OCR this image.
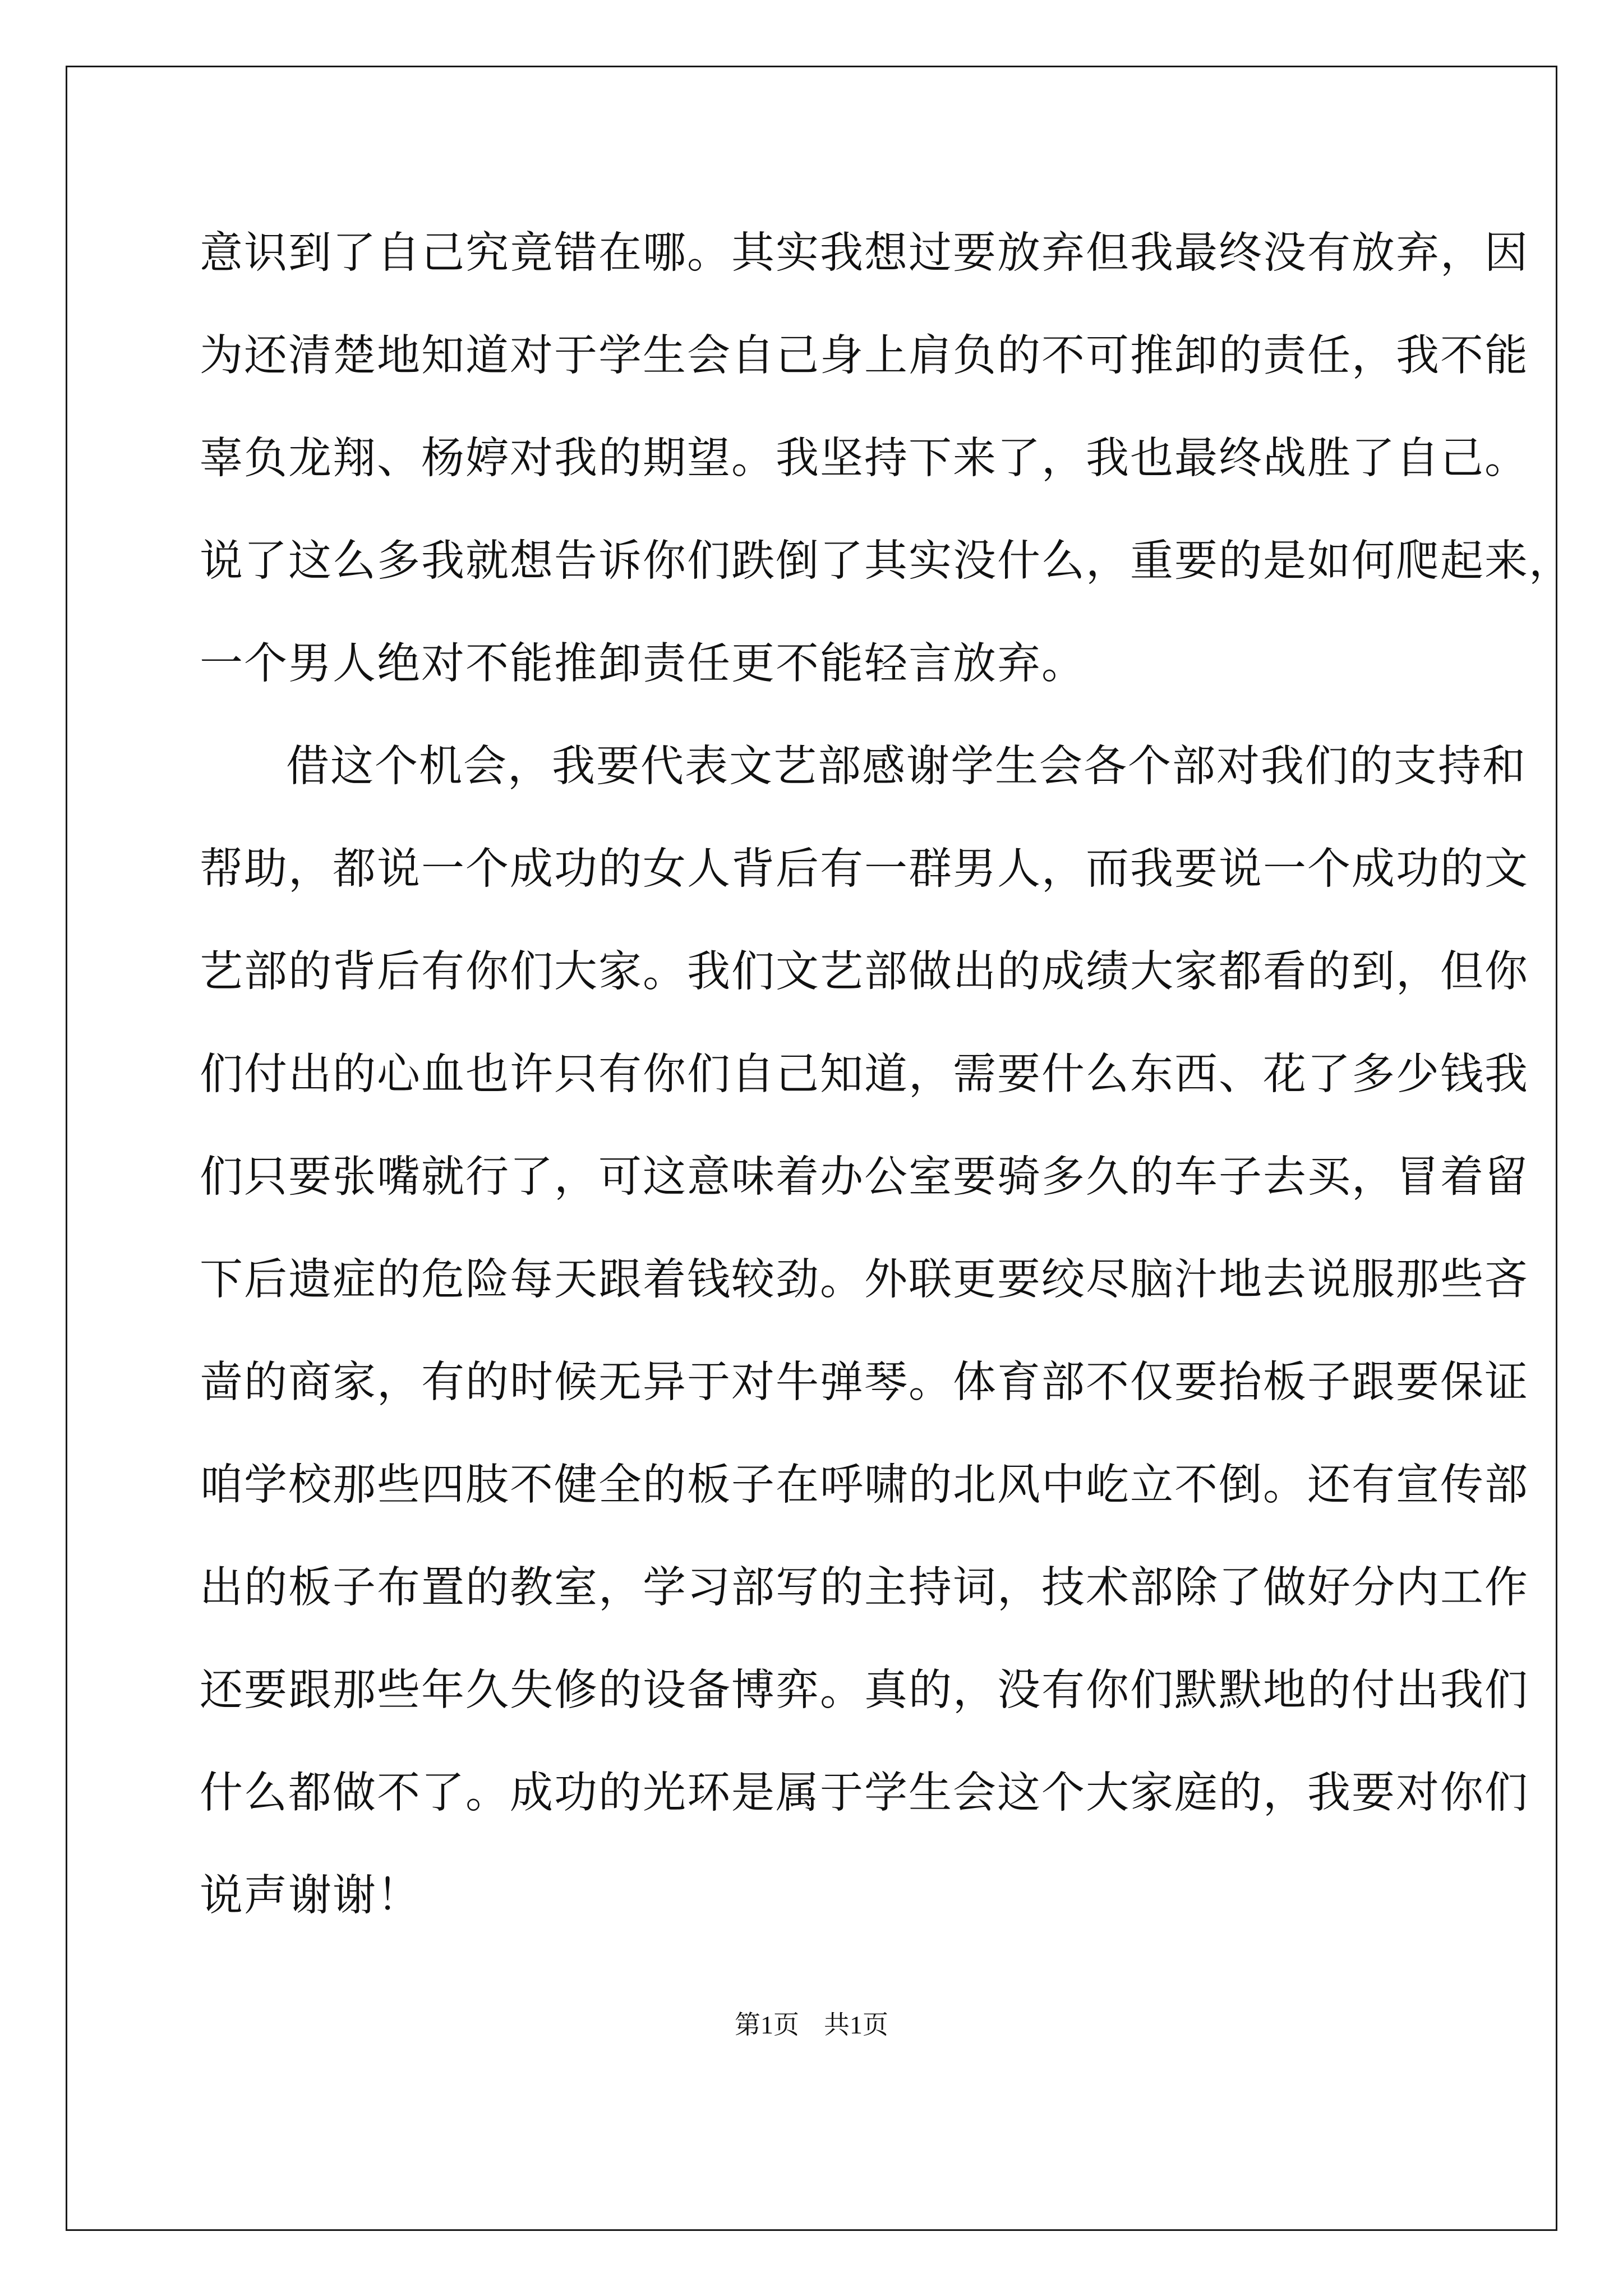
意识到了自己究竟错在哪。其实我想过要放弃但我最终没有放弃，因
为还清楚地知道对于学生会自己身上肩负的不可推卸的责任，我不能
辜负龙翔、杨婷对我的期望。我坚持下来了，我也最终战胜了自己。
说了这么多我就想告诉你们跌倒了其实没什么，重要的是如何爬起来，
一个男人绝对不能推卸责任更不能轻言放弃。
借这个机会，我要代表文艺部感谢学生会各个部对我们的支持和
帮助，都说一个成功的女人背后有一群男人，而我要说一个成功的文
艺部的背后有你们大家。我们文艺部做出的成绩大家都看的到，但你
们付出的心血也许只有你们自己知道，需要什么东西、花了多少钱我
们只要张嘴就行了，可这意味着办公室要骑多久的车子去买，冒着留
下后遗症的危险每天跟着钱较劲。外联更要绞尽脑汁地去说服那些吝
啬的商家，有的时候无异于对牛弹琴。体育部不仅要抬板子跟要保证
咱学校那些四肢不健全的板子在呼啸的北风中屹立不倒。还有宣传部
出的板子布置的教室，学习部写的主持词，技术部除了做好分内工作
还要跟那些年久失修的设备博弈。真的，没有你们默默地的付出我们
什么都做不了。成功的光环是属于学生会这个大家庭的，我要对你们
说声谢谢！
第1页 共1页
